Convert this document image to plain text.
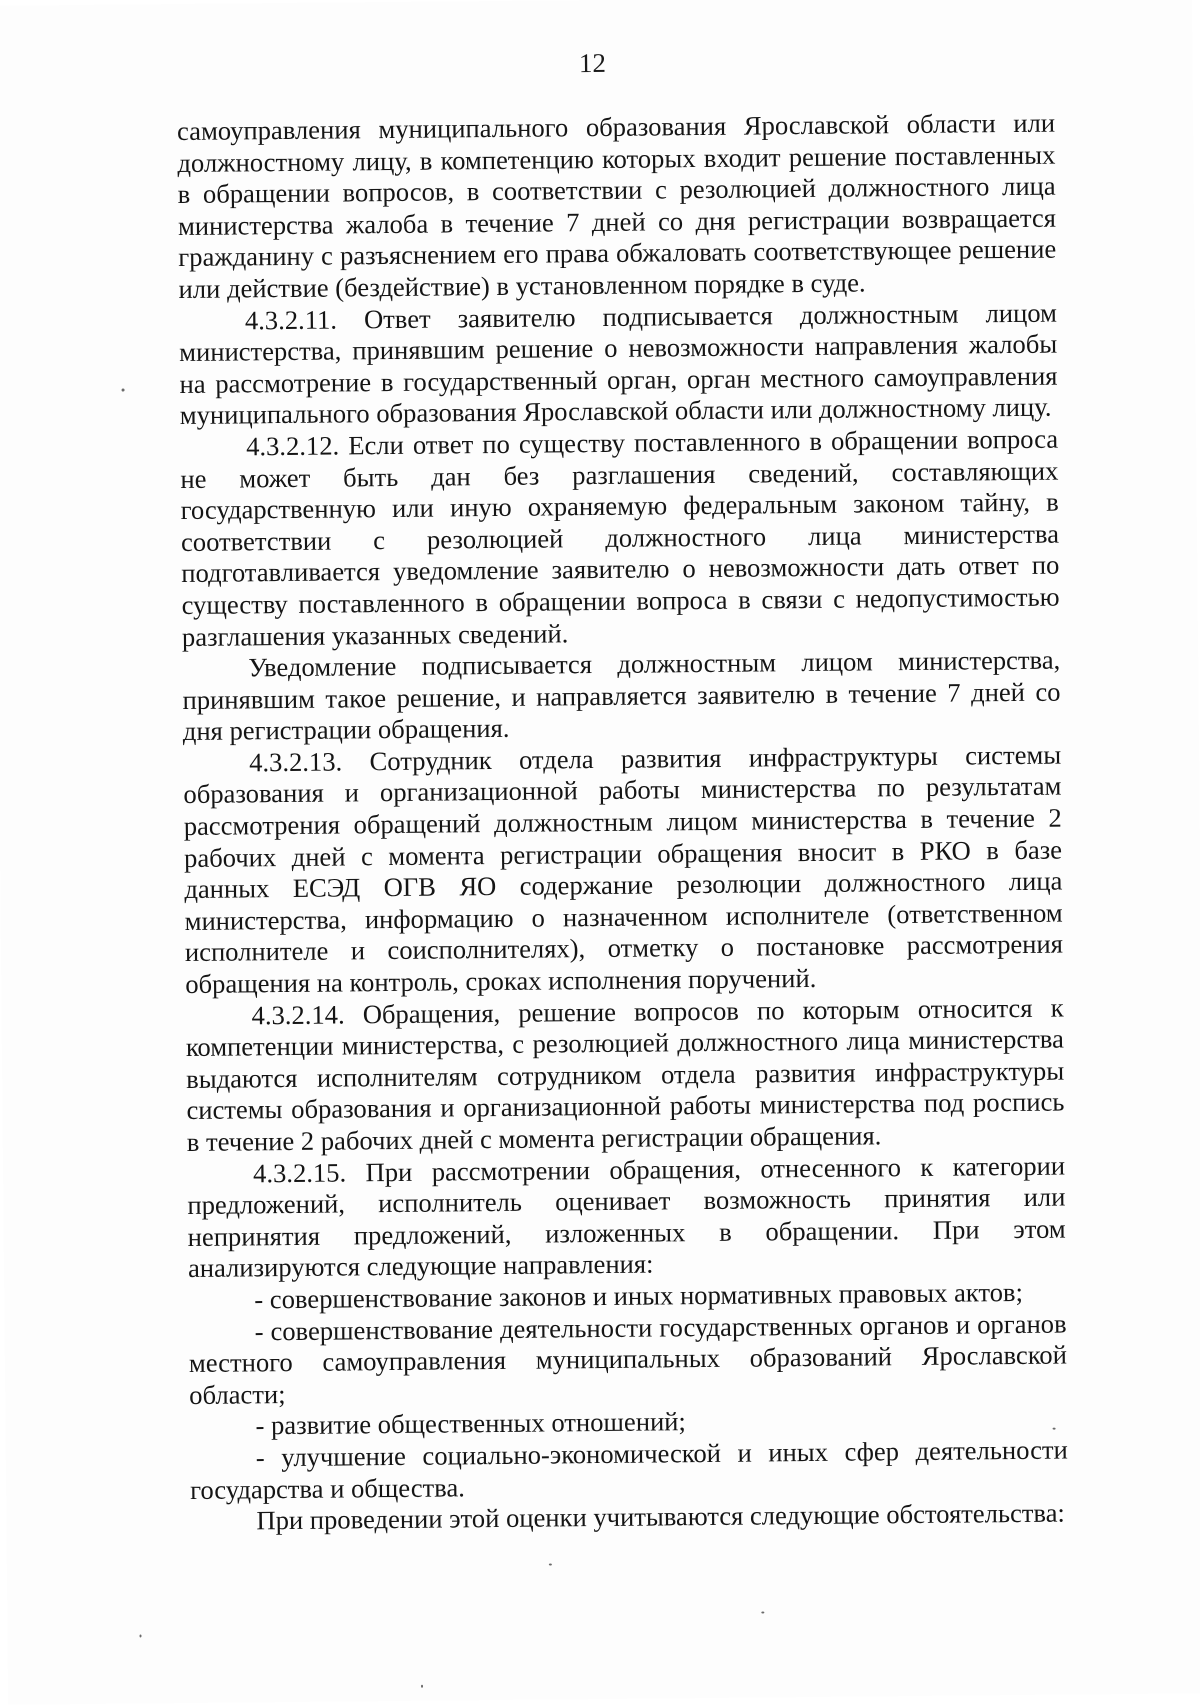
12

самоуправления муниципального образования Ярославской области или должностному лицу, в компетенцию которых входит решение поставленных в обращении вопросов, в соответствии с резолюцией должностного лица министерства жалоба в течение 7 дней со дня регистрации возвращается гражданину с разъяснением его права обжаловать соответствующее решение или действие (бездействие) в установленном порядке в суде.

4.3.2.11. Ответ заявителю подписывается должностным лицом министерства, принявшим решение о невозможности направления жалобы на рассмотрение в государственный орган, орган местного самоуправления муниципального образования Ярославской области или должностному лицу.

4.3.2.12. Если ответ по существу поставленного в обращении вопроса не может быть дан без разглашения сведений, составляющих государственную или иную охраняемую федеральным законом тайну, в соответствии с резолюцией должностного лица министерства подготавливается уведомление заявителю о невозможности дать ответ по существу поставленного в обращении вопроса в связи с недопустимостью разглашения указанных сведений.

Уведомление подписывается должностным лицом министерства, принявшим такое решение, и направляется заявителю в течение 7 дней со дня регистрации обращения.

4.3.2.13. Сотрудник отдела развития инфраструктуры системы образования и организационной работы министерства по результатам рассмотрения обращений должностным лицом министерства в течение 2 рабочих дней с момента регистрации обращения вносит в РКО в базе данных ЕСЭД ОГВ ЯО содержание резолюции должностного лица министерства, информацию о назначенном исполнителе (ответственном исполнителе и соисполнителях), отметку о постановке рассмотрения обращения на контроль, сроках исполнения поручений.

4.3.2.14. Обращения, решение вопросов по которым относится к компетенции министерства, с резолюцией должностного лица министерства выдаются исполнителям сотрудником отдела развития инфраструктуры системы образования и организационной работы министерства под роспись в течение 2 рабочих дней с момента регистрации обращения.

4.3.2.15. При рассмотрении обращения, отнесенного к категории предложений, исполнитель оценивает возможность принятия или непринятия предложений, изложенных в обращении. При этом анализируются следующие направления:

- совершенствование законов и иных нормативных правовых актов;

- совершенствование деятельности государственных органов и органов местного самоуправления муниципальных образований Ярославской области;

- развитие общественных отношений;

- улучшение социально-экономической и иных сфер деятельности государства и общества.

При проведении этой оценки учитываются следующие обстоятельства:
